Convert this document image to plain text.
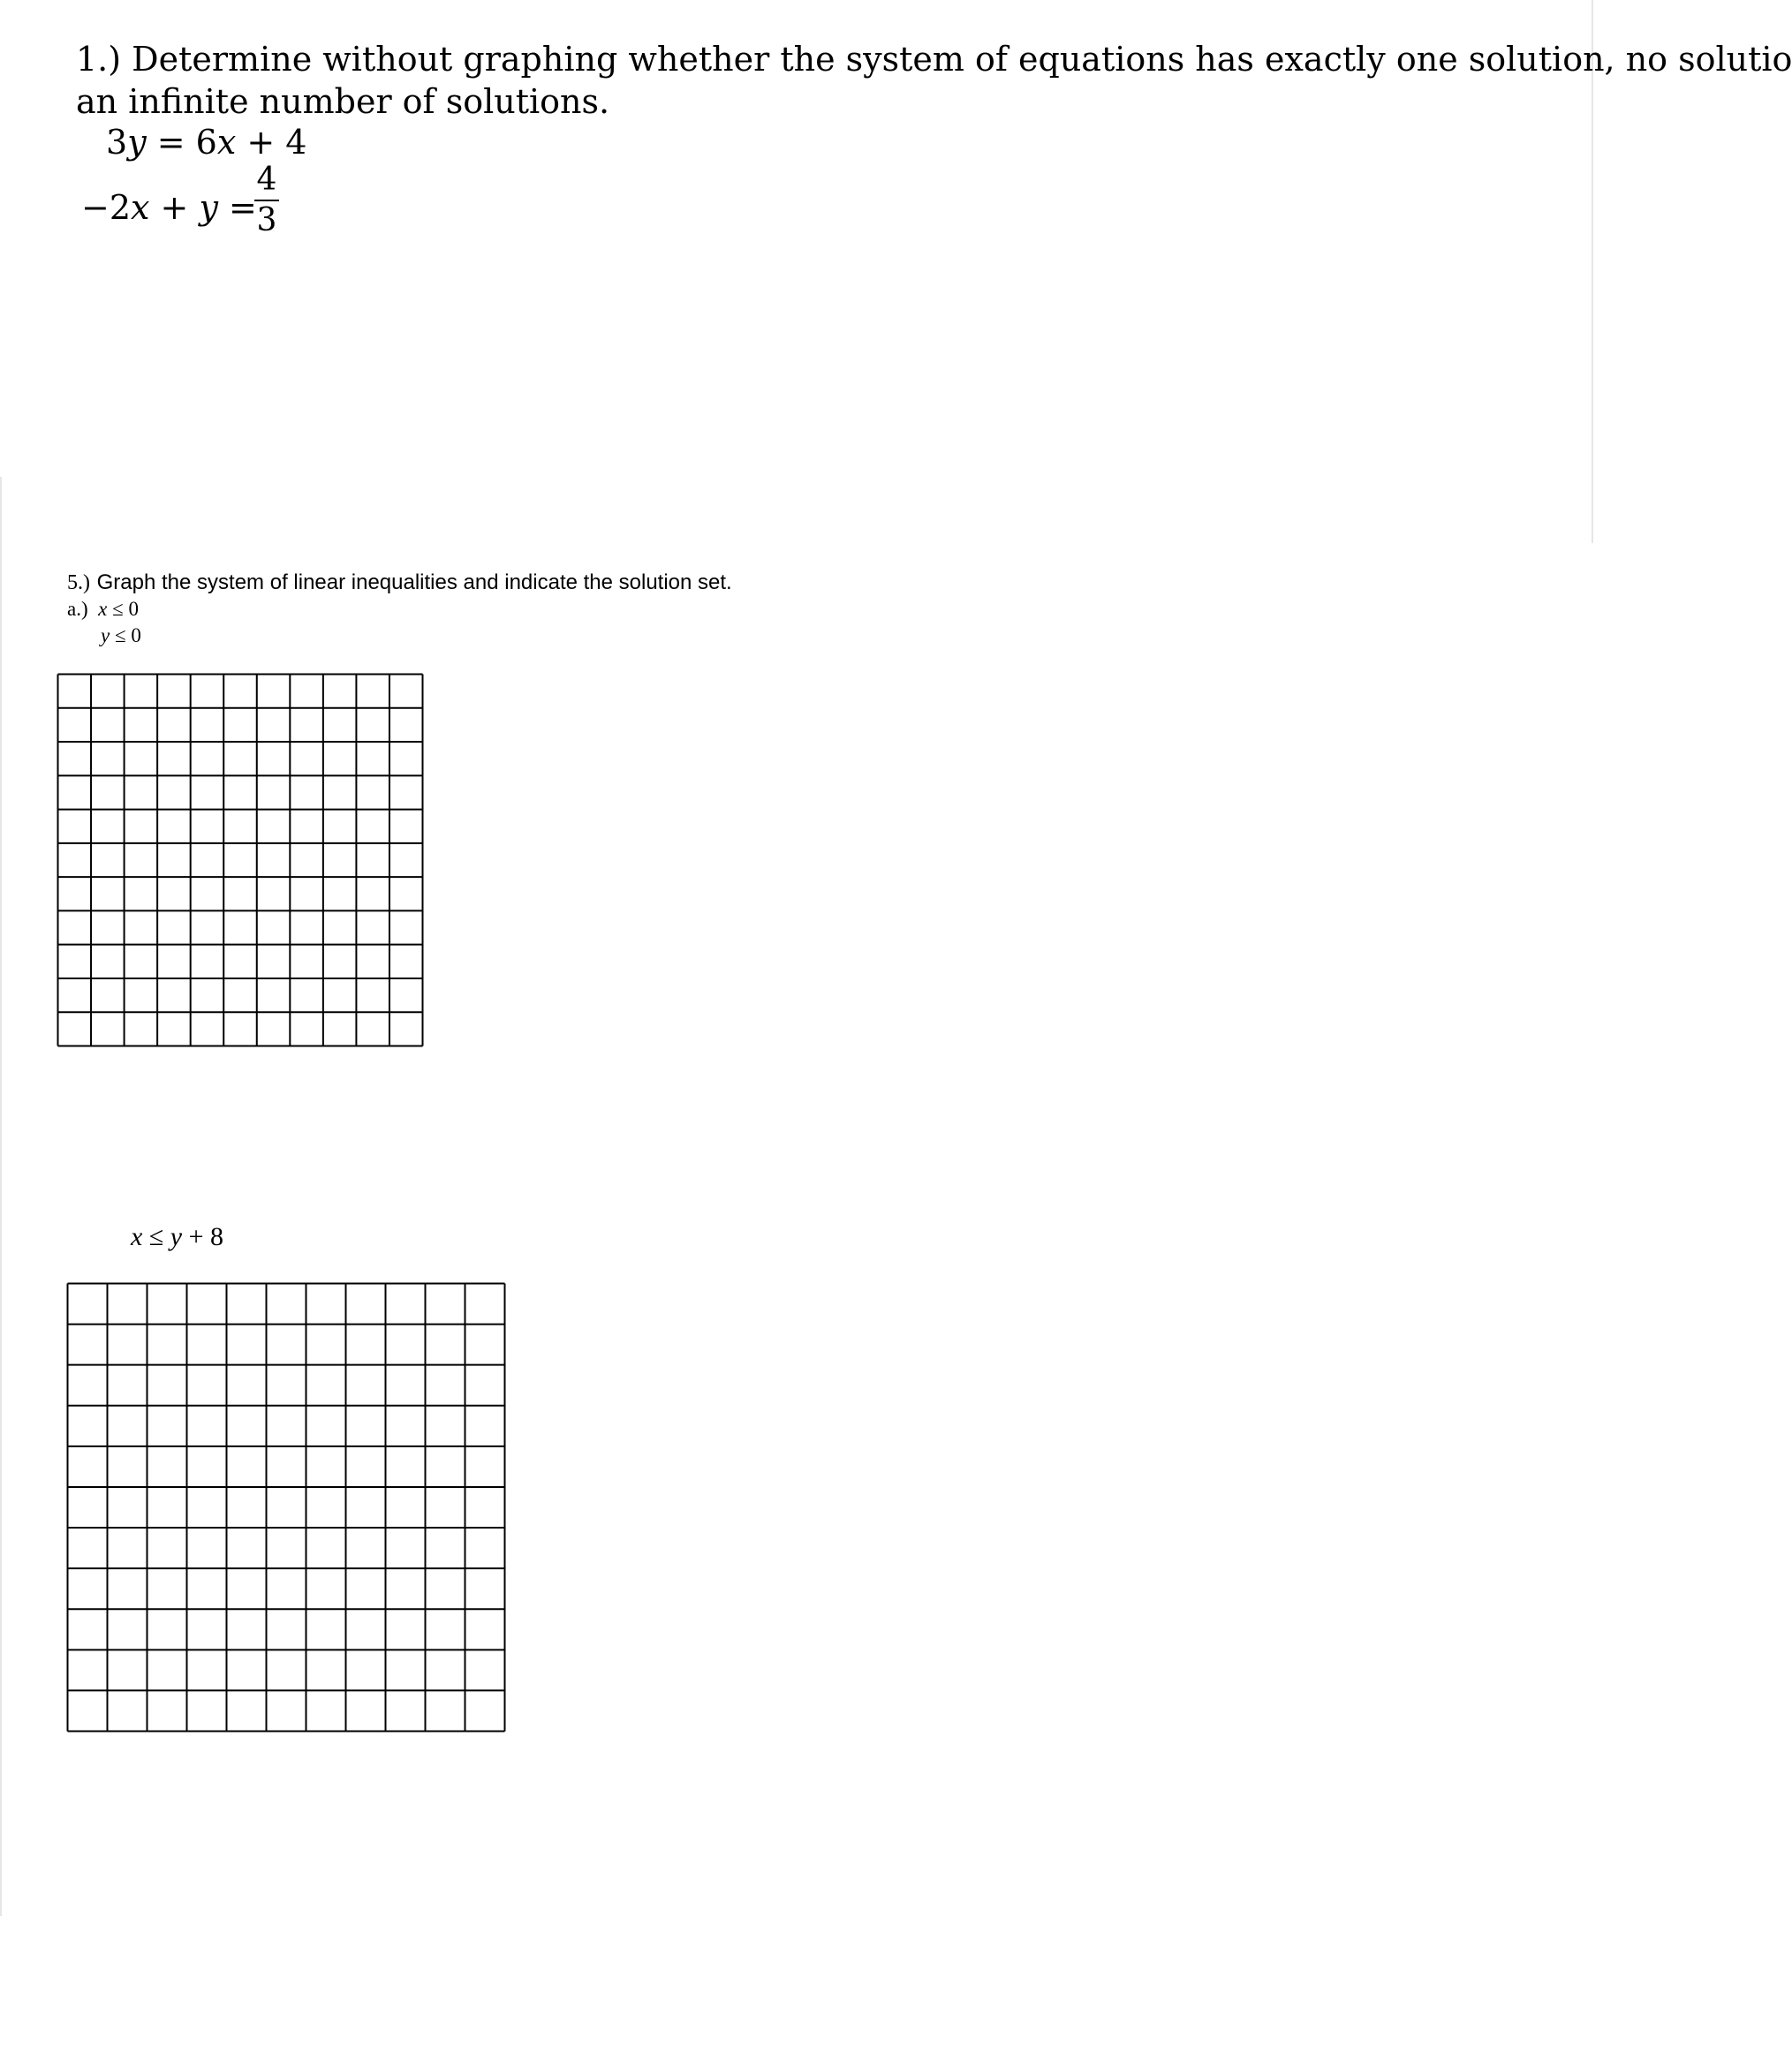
1.) Determine without graphing whether the system of equations has exactly one solution, no solutio
an infinite number of solutions.
3y = 6x + 4
−2x + y =
4
3
5.) Graph the system of linear inequalities and indicate the solution set.
a.) x ≤ 0
y ≤ 0
x ≤ y + 8
